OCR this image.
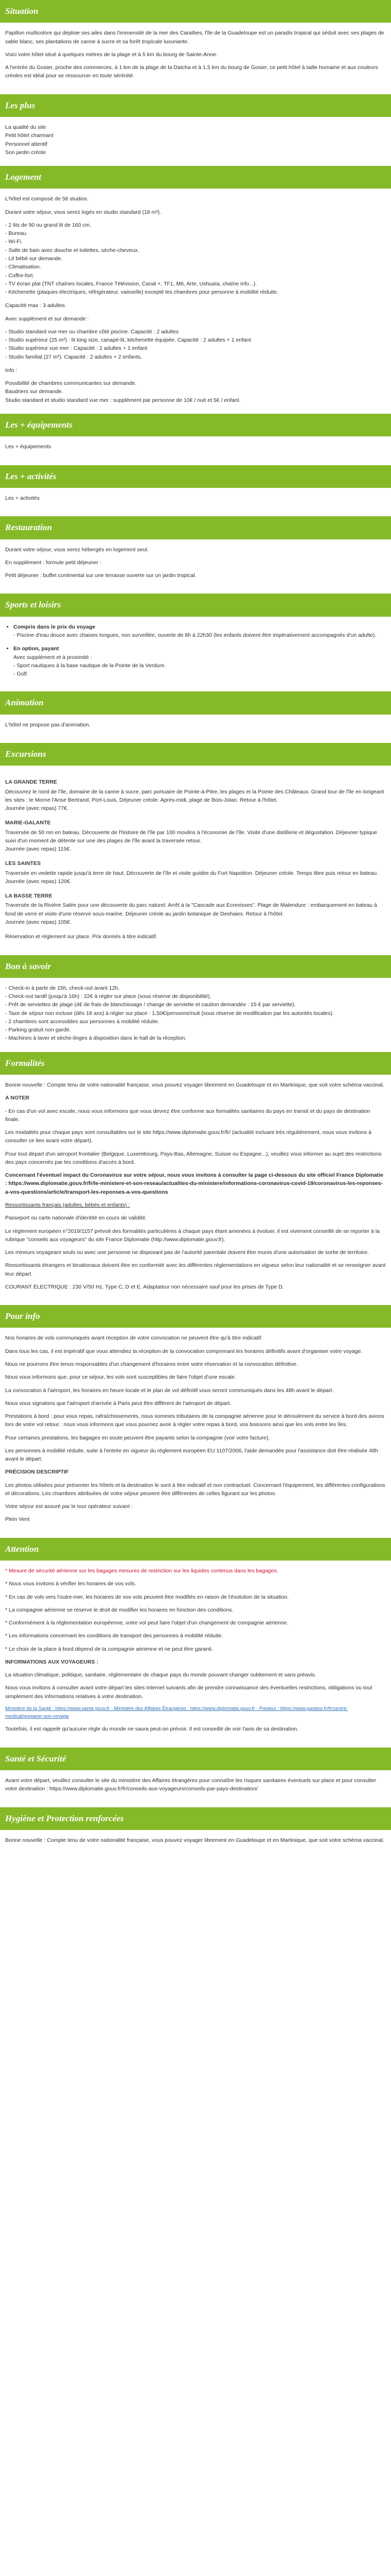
Situation

Papillon multicolore qui déploie ses ailes dans l'immensité de la mer des Caraïbes, l'île de la Guadeloupe est un paradis tropical qui séduit avec ses plages de sable blanc, ses plantations de canne à sucre et sa forêt tropicale luxuriante.

Voici votre hôtel situé à quelques mètres de la plage et à 5 km du bourg de Sainte-Anne.

A l'entrée du Gosier, proche des commerces, à 1 km de la plage de la Datcha et à 1,5 km du bourg de Gosier, ce petit hôtel à taille humaine et aux couleurs créoles est idéal pour se ressourcer en toute sérénité.

Les plus
La qualité du site
Petit hôtel charmant
Personnel attentif
Son jardin créole
Logement

L'hôtel est composé de 56 studios.

Durant votre séjour, vous serez logés en studio standard (18 m²).

- 2 lits de 90 ou grand lit de 160 cm.
- Bureau.
- Wi-Fi.
- Salle de bain avec douche et toilettes, sèche-cheveux.
- Lit bébé sur demande.
- Climatisation.
- Coffre-fort.
- TV écran plat (TNT chaînes locales, France Télévision, Canal +, TF1, M6, Arte, Ushuaïa, chaîne info...).
- Kitchenette (plaques électriques, réfrigérateur, vaisselle) excepté les chambres pour personne à mobilité réduite.

Capacité max : 3 adultes.

Avec supplément et sur demande :

- Studio standard vue mer ou chambre côté piscine. Capacité : 2 adultes
- Studio supérieur (25 m²) : lit king size, canapé-lit, kitchenette équipée. Capacité : 2 adultes + 1 enfant
- Studio supérieur vue mer : Capacité : 2 adultes + 1 enfant
- Studio familial (27 m²). Capacité : 2 adultes + 2 enfants.

Info :

Possibilité de chambres communicantes sur demande.
Baudriers sur demande.
Studio standard et studio standard vue mer : supplément par personne de 10€ / nuit et 5€ / enfant.
Les + équipements

Les + équipements

Les + activités

Les + activités

Restauration

Durant votre séjour, vous serez hébergés en logement seul.

En supplément : formule petit déjeuner :

Petit déjeuner : buffet continental sur une terrasse ouverte sur un jardin tropical.

Sports et loisirs
• Compris dans le prix du voyage
- Piscine d'eau douce avec chaises longues, non surveillée, ouverte de 8h à 22h30 (les enfants doivent être impérativement accompagnés d'un adulte).
• En option, payant
Avec supplément et à proximité :
- Sport nautiques à la base nautique de la Pointe de la Verdure.
- Golf.
Animation

L'hôtel ne propose pas d'animation.

Excursions
LA GRANDE TERRE
Découvrez le nord de l'île, domaine de la canne à sucre, parc portuaire de Pointe-à-Pitre, les plages et la Pointe des Châteaux. Grand tour de l'île en longeant les sites : le Morne l'Anse Bertrand, Port-Louis, Déjeuner créole. Après-midi, plage de Bois-Jolan. Retour à l'hôtel.
Journée (avec repas) 77€.
MARIE-GALANTE
Traversée de 50 mn en bateau. Découverte de l'histoire de l'île par 100 moulins à l'économie de l'île. Visite d'une distillerie et dégustation. Déjeuner typique suivi d'un moment de détente sur une des plages de l'île avant la traversée retour.
Journée (avec repas) 115€.
LES SAINTES
Traversée en vedette rapide jusqu'à terre de haut. Découverte de l'île et visite guidée du Fort Napoléon. Déjeuner créole. Temps libre puis retour en bateau.
Journée (avec repas) 120€.
LA BASSE TERRE
Traversée de la Rivière Salée pour une découverte du parc naturel. Arrêt à la "Cascade aux Ecrevisses". Plage de Malendure : embarquement en bateau à fond de verre et visite d'une réserve sous-marine. Déjeuner créole au jardin botanique de Deshaies. Retour à l'hôtel.
Journée (avec repas) 105€.

Réservation et règlement sur place. Prix donnés à titre indicatif.

Bon à savoir
- Check-in à partir de 15h, check-out avant 12h.
- Check-out tardif (jusqu'à 16h) : 22€ à régler sur place (sous réserve de disponibilité).
- Prêt de serviettes de plage (4€ de frais de blanchissage / change de serviette et caution demandée : 15 € par serviette).
- Taxe de séjour non incluse (dès 18 ans) à régler sur place : 1,50€/personne/nuit (sous réserve de modification par les autorités locales).
- 2 chambres sont accessibles aux personnes à mobilité réduite.
- Parking gratuit non gardé.
- Machines à laver et sèche-linges à disposition dans le hall de la réception.
Formalités

Bonne nouvelle : Compte tenu de votre nationalité française, vous pouvez voyager librement en Guadeloupe et en Martinique, que soit votre schéma vaccinal.

A NOTER

- En cas d'un vol avec escale, nous vous informons que vous devrez être conforme aux formalités sanitaires du pays en transit et du pays de destination finale.

Les modalités pour chaque pays sont consultables sur le site https://www.diplomatie.gouv.fr/fr/ (actualité incluant très régulièrement, nous vous invitons à consulter ce lien avant votre départ).

Pour tout départ d'un aéroport frontalier (Belgique, Luxembourg, Pays-Bas, Allemagne, Suisse ou Espagne...), veuillez vous informer au sujet des restrictions des pays concernés par les conditions d'accès à bord.

Concernant l'éventuel impact du Coronavirus sur votre séjour, nous vous invitons à consulter la page ci-dessous du site officiel France Diplomatie : https://www.diplomatie.gouv.fr/fr/le-ministere-et-son-reseau/actualites-du-ministere/informations-coronavirus-covid-19/coronavirus-les-reponses-a-vos-questions/article/transport-les-reponses-a-vos-questions

Ressortissants français (adultes, bébés et enfants) :

Passeport ou carte nationale d'identité en cours de validité.

Le règlement européen n°2019/1157 prévoit des formalités particulières à chaque pays étant amenées à évoluer, il est vivement conseillé de se reporter à la rubrique "conseils aux voyageurs" du site France Diplomatie (http://www.diplomatie.gouv.fr).

Les mineurs voyageant seuls ou avec une personne ne disposant pas de l'autorité parentale doivent être munis d'une autorisation de sortie de territoire.

Ressortissants étrangers et binationaux doivent être en conformité avec les différentes réglementations en vigueur selon leur nationalité et se renseigner avant leur départ.

COURANT ÉLECTRIQUE : 230 V/50 Hz. Type C, D et E. Adaptateur non nécessaire sauf pour les prises de Type D.

Pour info

Nos horaires de vols communiqués avant réception de votre convocation ne peuvent être qu'à titre indicatif.

Dans tous les cas, il est impératif que vous attendiez la réception de la convocation comprenant les horaires définitifs avant d'organiser votre voyage.

Nous ne pourrons être tenus responsables d'un changement d'horaires entre votre réservation et la convocation définitive.

Nous vous informons que, pour ce séjour, les vols sont susceptibles de faire l'objet d'une escale.

La convocation à l'aéroport, les horaires en heure locale et le plan de vol définitif vous seront communiqués dans les 48h avant le départ.

Nous vous signalons que l'aéroport d'arrivée à Paris peut être différent de l'aéroport de départ.

Prestations à bord : pour vous repas, rafraîchissements, nous sommes tributaires de la compagnie aérienne pour le déroulement du service à bord des avions lors de votre vol retour : nous vous informons que vous pourriez avoir à régler votre repas à bord, vos boissons ainsi que les vols entre les îles.

Pour certaines prestations, les bagages en soute peuvent être payants selon la compagnie (voir votre facture).

Les personnes à mobilité réduite, suite à l'entrée en vigueur du règlement européen EU 1107/2006, l'aide demandée pour l'assistance doit être réalisée 48h avant le départ.

PRÉCISION DESCRIPTIF

Les photos utilisées pour présenter les hôtels et la destination le sont à titre indicatif et non contractuel. Concernant l'équipement, les différentes configurations et décorations. Les chambres attribuées de votre séjour peuvent être différentes de celles figurant sur les photos.

Votre séjour est assuré par le tour opérateur suivant :

Plein Vent

Attention

* Mesure de sécurité aérienne sur les bagages mesures de restriction sur les liquides contenus dans les bagages.

* Nous vous invitons à vérifier les horaires de vos vols.

* En cas de vols vers l'outre-mer, les horaires de vos vols peuvent être modifiés en raison de l'évolution de la situation.

* La compagnie aérienne se réserve le droit de modifier les horaires en fonction des conditions.

* Conformément à la réglementation européenne, votre vol peut faire l'objet d'un changement de compagnie aérienne.

* Les informations concernant les conditions de transport des personnes à mobilité réduite.

* Le choix de la place à bord dépend de la compagnie aérienne et ne peut être garanti.

INFORMATIONS AUX VOYAGEURS :

La situation climatique, politique, sanitaire, réglementaire de chaque pays du monde pouvant changer subitement et sans préavis.

Nous vous invitons à consulter avant votre départ les sites internet suivants afin de prendre connaissance des éventuelles restrictions, obligations ou tout simplement des informations relatives à votre destination.

Ministère de la Santé : https://www.sante.gouv.fr · Ministère des Affaires Étrangères : https://www.diplomatie.gouv.fr · Pasteur : https://www.pasteur.fr/fr/centre-medical/preparer-son-voyage

Toutefois, il est rappelé qu'aucune règle du monde ne saura peut-on prévoir. Il est conseillé de voir l'avis de sa destination.

Santé et Sécurité

Avant votre départ, veuillez consulter le site du ministère des Affaires étrangères pour connaître les risques sanitaires éventuels sur place et pour consulter votre destination : https://www.diplomatie.gouv.fr/fr/conseils-aux-voyageurs/conseils-par-pays-destination/

Hygiène et Protection renforcées

Bonne nouvelle : Compte tenu de votre nationalité française, vous pouvez voyager librement en Guadeloupe et en Martinique, que soit votre schéma vaccinal.
